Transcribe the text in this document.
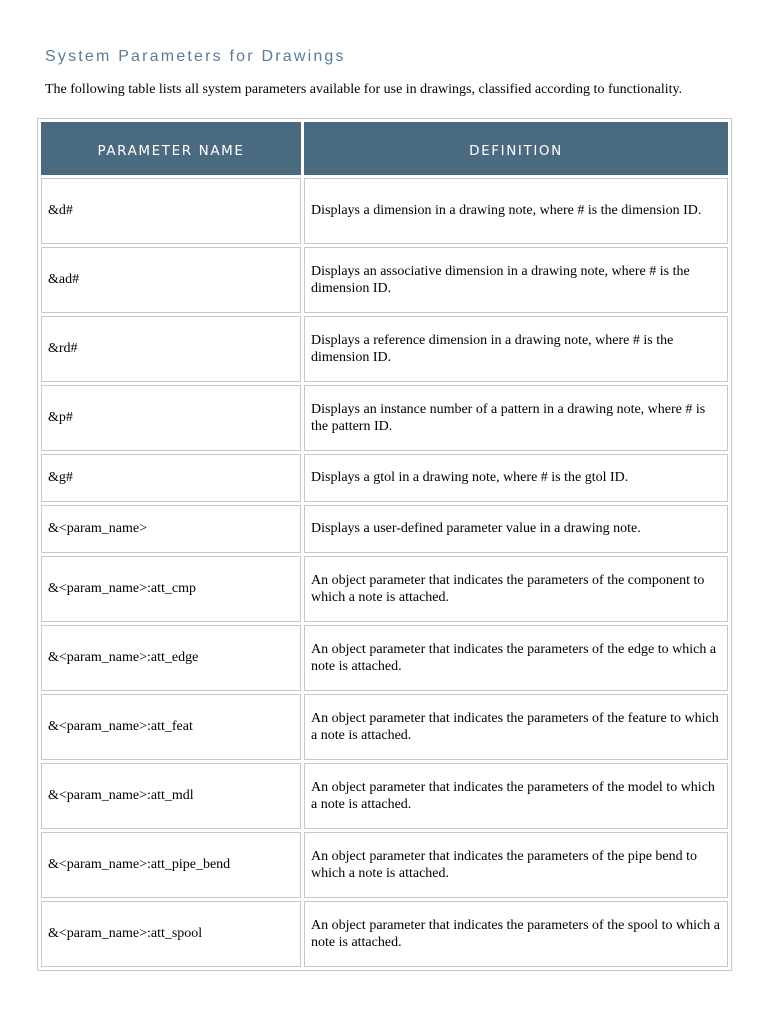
System Parameters for Drawings
The following table lists all system parameters available for use in drawings, classified according to functionality.
PARAMETER NAME	DEFINITION
&d#	Displays a dimension in a drawing note, where # is the dimension ID.
&ad#	Displays an associative dimension in a drawing note, where # is the dimension ID.
&rd#	Displays a reference dimension in a drawing note, where # is the dimension ID.
&p#	Displays an instance number of a pattern in a drawing note, where # is the pattern ID.
&g#	Displays a gtol in a drawing note, where # is the gtol ID.
&<param_name>	Displays a user-defined parameter value in a drawing note.
&<param_name>:att_cmp	An object parameter that indicates the parameters of the component to which a note is attached.
&<param_name>:att_edge	An object parameter that indicates the parameters of the edge to which a note is attached.
&<param_name>:att_feat	An object parameter that indicates the parameters of the feature to which a note is attached.
&<param_name>:att_mdl	An object parameter that indicates the parameters of the model to which a note is attached.
&<param_name>:att_pipe_bend	An object parameter that indicates the parameters of the pipe bend to which a note is attached.
&<param_name>:att_spool	An object parameter that indicates the parameters of the spool to which a note is attached.
